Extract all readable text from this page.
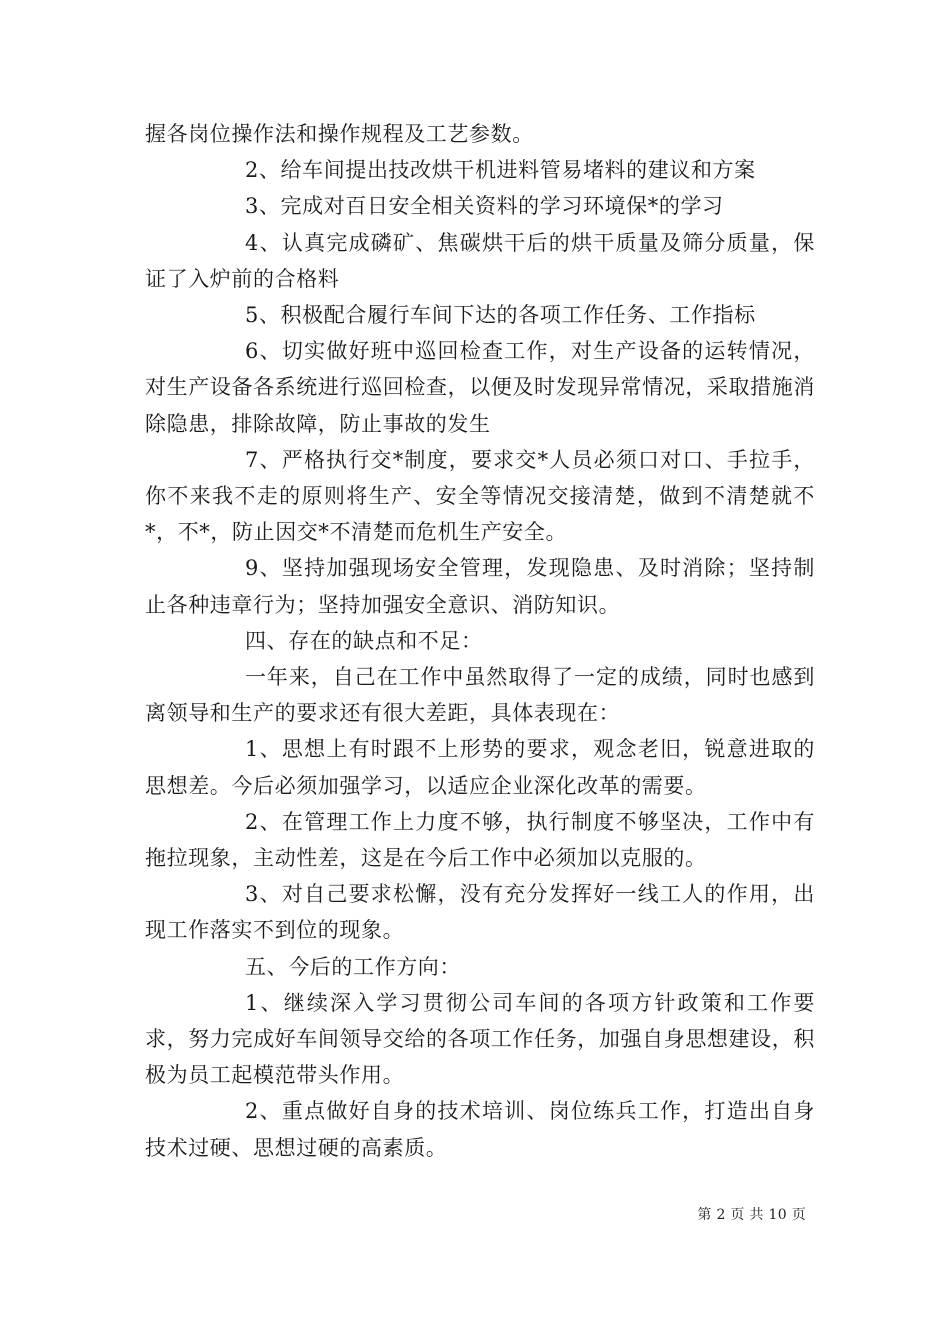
握各岗位操作法和操作规程及工艺参数。

2、给车间提出技改烘干机进料管易堵料的建议和方案

3、完成对百日安全相关资料的学习环境保*的学习

4、认真完成磷矿、焦碳烘干后的烘干质量及筛分质量，保证了入炉前的合格料

5、积极配合履行车间下达的各项工作任务、工作指标

6、切实做好班中巡回检查工作，对生产设备的运转情况，对生产设备各系统进行巡回检查，以便及时发现异常情况，采取措施消除隐患，排除故障，防止事故的发生

7、严格执行交*制度，要求交*人员必须口对口、手拉手，你不来我不走的原则将生产、安全等情况交接清楚，做到不清楚就不*，不*，防止因交*不清楚而危机生产安全。

9、坚持加强现场安全管理，发现隐患、及时消除；坚持制止各种违章行为；坚持加强安全意识、消防知识。

四、存在的缺点和不足：

一年来，自己在工作中虽然取得了一定的成绩，同时也感到离领导和生产的要求还有很大差距，具体表现在：

1、思想上有时跟不上形势的要求，观念老旧，锐意进取的思想差。今后必须加强学习，以适应企业深化改革的需要。

2、在管理工作上力度不够，执行制度不够坚决，工作中有拖拉现象，主动性差，这是在今后工作中必须加以克服的。

3、对自己要求松懈，没有充分发挥好一线工人的作用，出现工作落实不到位的现象。

五、今后的工作方向：

1、继续深入学习贯彻公司车间的各项方针政策和工作要求，努力完成好车间领导交给的各项工作任务，加强自身思想建设，积极为员工起模范带头作用。

2、重点做好自身的技术培训、岗位练兵工作，打造出自身技术过硬、思想过硬的高素质。

第 2 页 共 10 页
